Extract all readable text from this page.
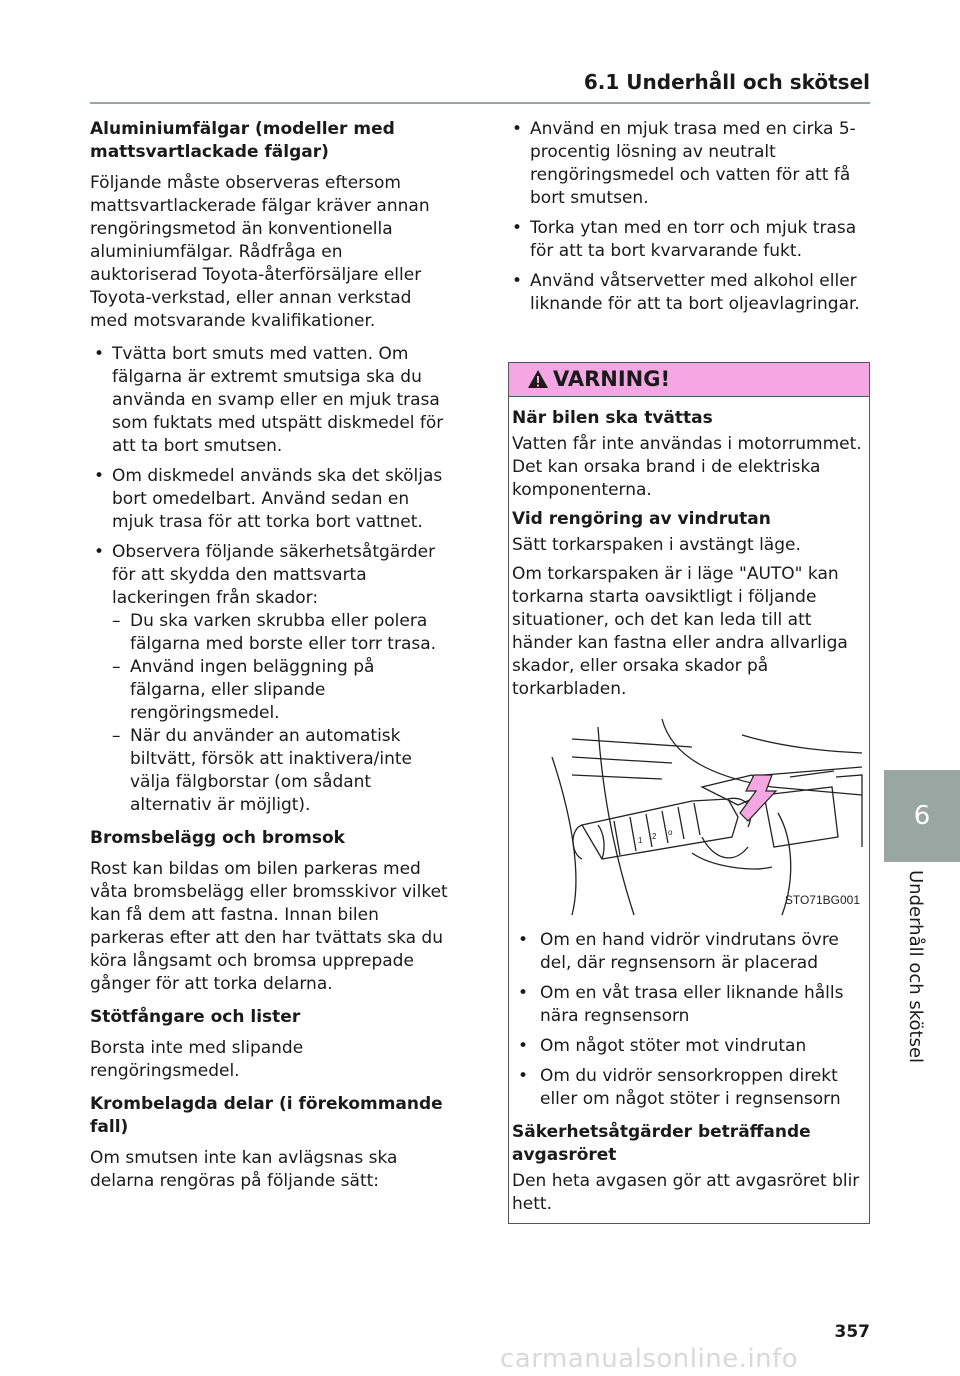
6.1 Underhåll och skötsel

Aluminiumfälgar (modeller med mattsvartlackade fälgar)

Följande måste observeras eftersom mattsvartlackerade fälgar kräver annan rengöringsmetod än konventionella aluminiumfälgar. Rådfråga en auktoriserad Toyota-återförsäljare eller Toyota-verkstad, eller annan verkstad med motsvarande kvalifikationer.

• Tvätta bort smuts med vatten. Om fälgarna är extremt smutsiga ska du använda en svamp eller en mjuk trasa som fuktats med utspätt diskmedel för att ta bort smutsen.
• Om diskmedel används ska det sköljas bort omedelbart. Använd sedan en mjuk trasa för att torka bort vattnet.
• Observera följande säkerhetsåtgärder för att skydda den mattsvarta lackeringen från skador:
– Du ska varken skrubba eller polera fälgarna med borste eller torr trasa.
– Använd ingen beläggning på fälgarna, eller slipande rengöringsmedel.
– När du använder an automatisk biltvätt, försök att inaktivera/inte välja fälgborstar (om sådant alternativ är möjligt).

Bromsbelägg och bromsok

Rost kan bildas om bilen parkeras med våta bromsbelägg eller bromsskivor vilket kan få dem att fastna. Innan bilen parkeras efter att den har tvättats ska du köra långsamt och bromsa upprepade gånger för att torka delarna.

Stötfångare och lister

Borsta inte med slipande rengöringsmedel.

Krombelagda delar (i förekommande fall)

Om smutsen inte kan avlägsnas ska delarna rengöras på följande sätt:

• Använd en mjuk trasa med en cirka 5-procentig lösning av neutralt rengöringsmedel och vatten för att få bort smutsen.
• Torka ytan med en torr och mjuk trasa för att ta bort kvarvarande fukt.
• Använd våtservetter med alkohol eller liknande för att ta bort oljeavlagringar.
VARNING!

När bilen ska tvättas

Vatten får inte användas i motorrummet. Det kan orsaka brand i de elektriska komponenterna.

Vid rengöring av vindrutan

Sätt torkarspaken i avstängt läge.

Om torkarspaken är i läge "AUTO" kan torkarna starta oavsiktligt i följande situationer, och det kan leda till att händer kan fastna eller andra allvarliga skador, eller orsaka skador på torkarbladen.

1 2 o
STO71BG001
• Om en hand vidrör vindrutans övre del, där regnsensorn är placerad
• Om en våt trasa eller liknande hålls nära regnsensorn
• Om något stöter mot vindrutan
• Om du vidrör sensorkroppen direkt eller om något stöter i regnsensorn

Säkerhetsåtgärder beträffande avgasröret

Den heta avgasen gör att avgasröret blir hett.

6
Underhåll och skötsel
357
carmanualsonline.info
